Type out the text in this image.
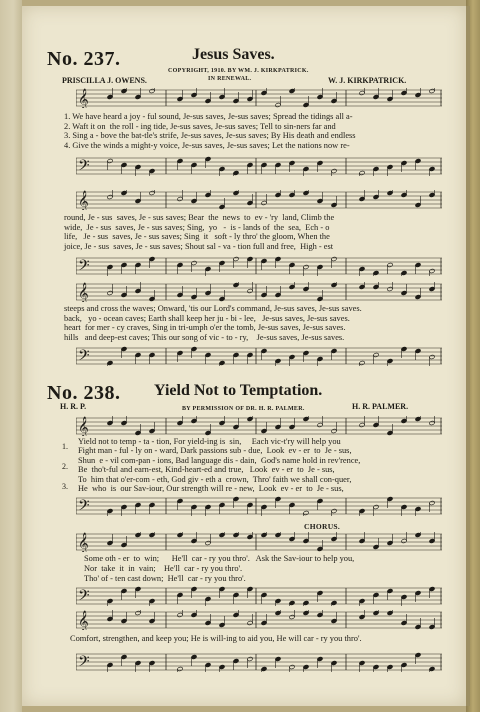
No. 237.	Jesus Saves.
COPYRIGHT, 1910. BY WM. J. KIRKPATRICK.
IN RENEWAL.
PRISCILLA J. OWENS.	W. J. KIRKPATRICK.
𝄞
1. We have heard a joy - ful sound, Je-sus saves, Je-sus saves; Spread the tidings all a-
2. Waft it on  the roll - ing tide, Je-sus saves, Je-sus saves; Tell to sin-ners far and
3. Sing a - bove the bat-tle's strife, Je-sus saves, Je-sus saves; By His death and endless
4. Give the winds a might-y voice, Je-sus saves, Je-sus saves; Let the nations now re-
𝄢
𝄞
round, Je - sus  saves, Je - sus saves; Bear  the  news  to  ev - 'ry  land, Climb the
wide,  Je - sus  saves, Je - sus saves; Sing,  yo   -  is - lands of  the  sea,  Ech - o
life,   Je - sus  saves, Je - sus saves; Sing  it   soft - ly thro' the gloom, When the
joice, Je - sus  saves, Je - sus saves; Shout sal - va - tion full and free,  High - est
𝄢
𝄞
steeps and cross the waves; Onward, 'tis our Lord's command, Je-sus saves, Je-sus saves.
back,   yo - ocean caves; Earth shall keep her ju - bi - lee,   Je-sus saves, Je-sus saves.
heart  for mer - cy craves, Sing in tri-umph o'er the tomb, Je-sus saves, Je-sus saves.
hills   and deep-est caves; This our song of vic - to - ry,    Je-sus saves, Je-sus saves.
𝄢
No. 238. Yield Not to Temptation.
H. R. P.	BY PERMISSION OF DR. H. R. PALMER.	H. R. PALMER.
𝄞
1.
2.
3.
Yield not to temp - ta - tion, For yield-ing is  sin,     Each vic-t'ry will help you
Fight man - ful - ly on - ward, Dark passions sub - due,  Look  ev - er  to  Je - sus,
Shun  e - vil com-pan - ions, Bad language dis - dain,  God's name hold in rev'rence,
Be  tho't-ful and earn-est, Kind-heart-ed and true,   Look  ev - er  to  Je - sus,
To  him that o'er-com - eth, God giv - eth a  crown,  Thro' faith we shall con-quer,
He  who  is  our Sav-iour, Our strength will re - new,  Look  ev - er  to  Je - sus,
𝄢
CHORUS.
𝄞
Some oth - er  to  win;      He'll  car - ry you thro'.   Ask the Sav-iour to help you,
Nor  take  it  in  vain;    He'll  car - ry you thro'.
Tho' of - ten cast down;  He'll  car - ry you thro'.
𝄢
𝄞
Comfort, strengthen, and keep you; He is will-ing to aid you, He will car - ry you thro'.
𝄢
